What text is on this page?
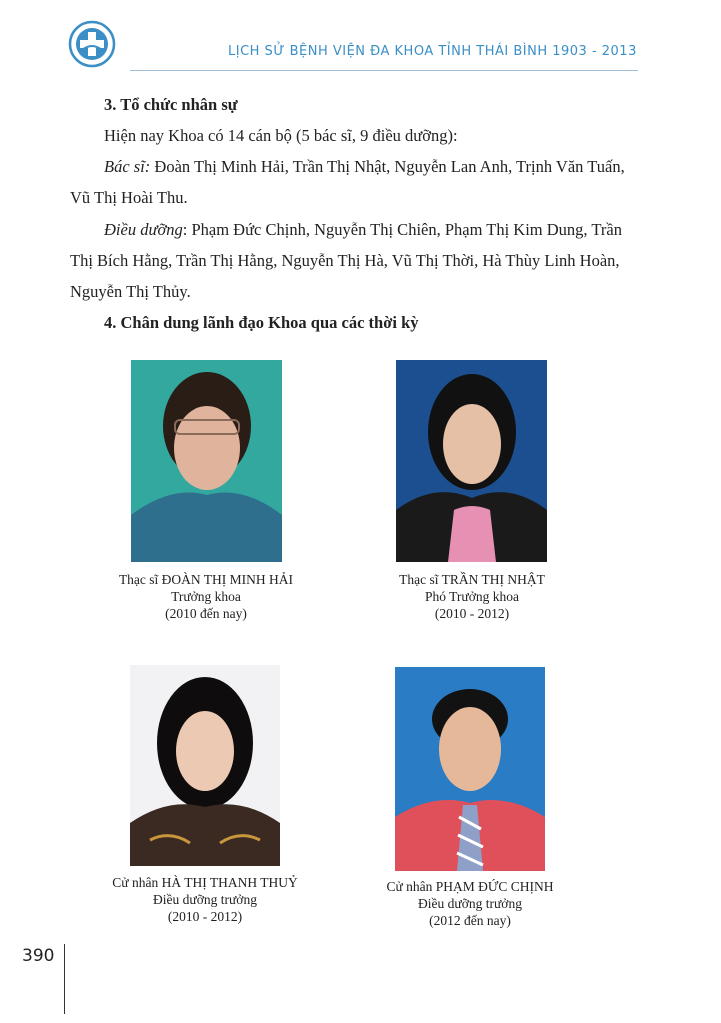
LỊCH SỬ BỆNH VIỆN ĐA KHOA TỈNH THÁI BÌNH 1903 - 2013
3. Tổ chức nhân sự
Hiện nay Khoa có 14 cán bộ (5 bác sĩ, 9 điều dưỡng):
Bác sĩ: Đoàn Thị Minh Hải, Trần Thị Nhật, Nguyễn Lan Anh, Trịnh Văn Tuấn,
Vũ Thị Hoài Thu.
Điều dưỡng: Phạm Đức Chịnh, Nguyễn Thị Chiên, Phạm Thị Kim Dung, Trần
Thị Bích Hằng, Trần Thị Hằng, Nguyễn Thị Hà, Vũ Thị Thời, Hà Thùy Linh Hoàn,
Nguyễn Thị Thủy.
4. Chân dung lãnh đạo Khoa qua các thời kỳ
Thạc sĩ ĐOÀN THỊ MINH HẢI
Trưởng khoa
(2010 đến nay)
Thạc sĩ TRẦN THỊ NHẬT
Phó Trưởng khoa
(2010 - 2012)
Cử nhân HÀ THỊ THANH THUỶ
Điều dưỡng trưởng
(2010 - 2012)
Cử nhân PHẠM ĐỨC CHỊNH
Điều dưỡng trưởng
(2012 đến nay)
390
